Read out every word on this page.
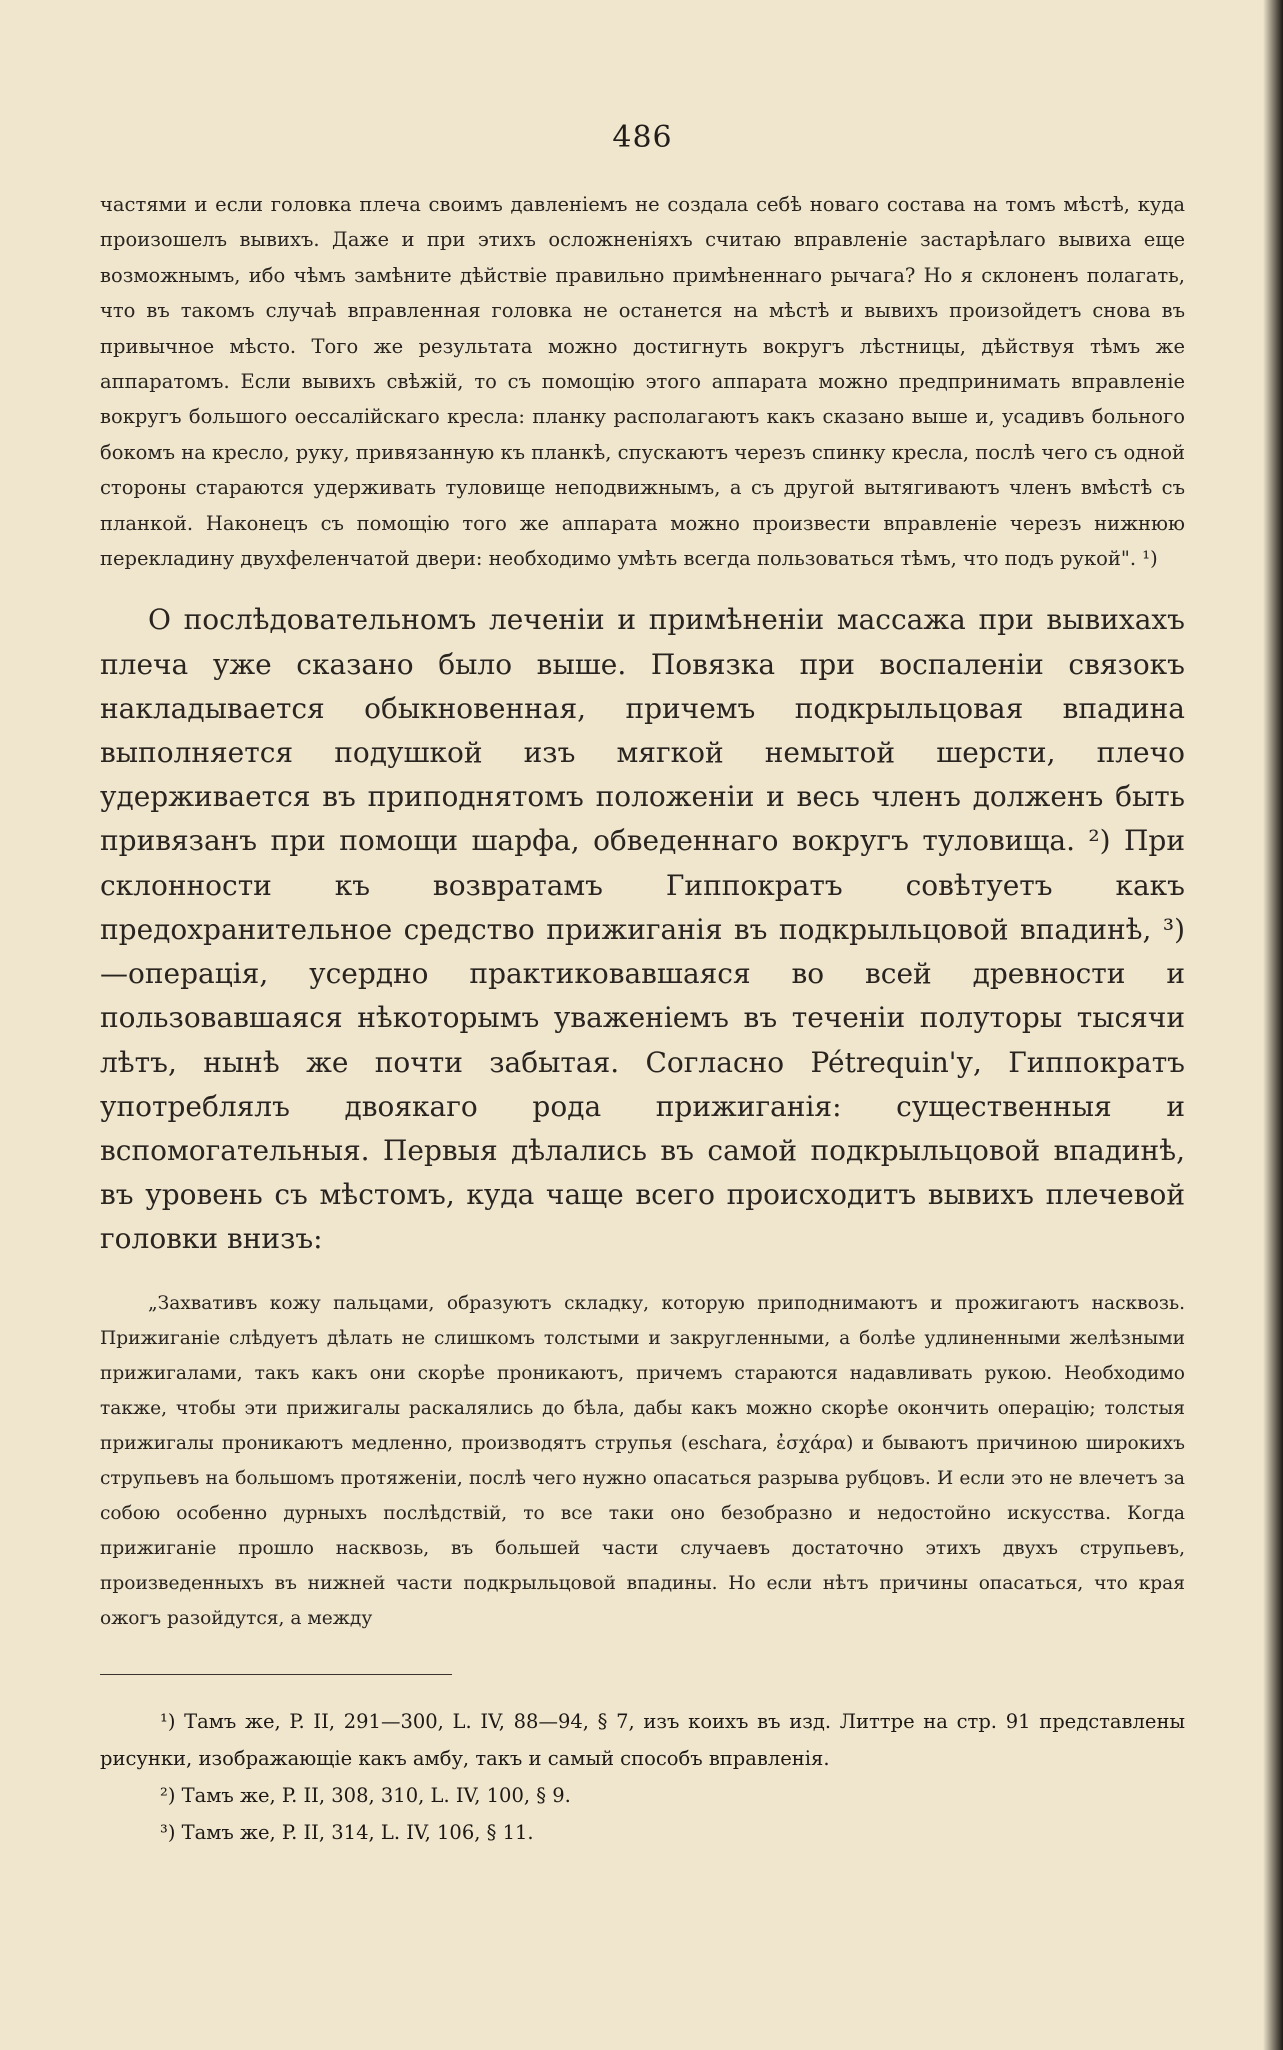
486

частями и если головка плеча своимъ давленіемъ не создала себѣ новаго состава на томъ мѣстѣ, куда произошелъ вывихъ. Даже и при этихъ осложненіяхъ считаю вправленіе застарѣлаго вывиха еще возможнымъ, ибо чѣмъ замѣните дѣйствіе правильно примѣненнаго рычага? Но я склоненъ полагать, что въ такомъ случаѣ вправленная головка не останется на мѣстѣ и вывихъ произойдетъ снова въ привычное мѣсто. Того же результата можно достигнуть вокругъ лѣстницы, дѣйствуя тѣмъ же аппаратомъ. Если вывихъ свѣжій, то съ помощію этого аппарата можно предпринимать вправленіе вокругъ большого оессалійскаго кресла: планку располагаютъ какъ сказано выше и, усадивъ больного бокомъ на кресло, руку, привязанную къ планкѣ, спускаютъ черезъ спинку кресла, послѣ чего съ одной стороны стараются удерживать туловище неподвижнымъ, а съ другой вытягиваютъ членъ вмѣстѣ съ планкой. Наконецъ съ помощію того же аппарата можно произвести вправленіе черезъ нижнюю перекладину двухфеленчатой двери: необходимо умѣть всегда пользоваться тѣмъ, что подъ рукой". ¹)

О послѣдовательномъ леченіи и примѣненіи массажа при вывихахъ плеча уже сказано было выше. Повязка при воспаленіи связокъ накладывается обыкновенная, причемъ подкрыльцовая впадина выполняется подушкой изъ мягкой немытой шерсти, плечо удерживается въ приподнятомъ положеніи и весь членъ долженъ быть привязанъ при помощи шарфа, обведеннаго вокругъ туловища. ²) При склонности къ возвратамъ Гиппократъ совѣтуетъ какъ предохранительное средство прижиганія въ подкрыльцовой впадинѣ, ³)—операція, усердно практиковавшаяся во всей древности и пользовавшаяся нѣкоторымъ уваженіемъ въ теченіи полуторы тысячи лѣтъ, нынѣ же почти забытая. Согласно Pétrequin'у, Гиппократъ употреблялъ двоякаго рода прижиганія: существенныя и вспомогательныя. Первыя дѣлались въ самой подкрыльцовой впадинѣ, въ уровень съ мѣстомъ, куда чаще всего происходитъ вывихъ плечевой головки внизъ:

„Захвативъ кожу пальцами, образуютъ складку, которую приподнимаютъ и прожигаютъ насквозь. Прижиганіе слѣдуетъ дѣлать не слишкомъ толстыми и закругленными, а болѣе удлиненными желѣзными прижигалами, такъ какъ они скорѣе проникаютъ, причемъ стараются надавливать рукою. Необходимо также, чтобы эти прижигалы раскалялись до бѣла, дабы какъ можно скорѣе окончить операцію; толстыя прижигалы проникаютъ медленно, производятъ струпья (eschara, ἐσχάρα) и бываютъ причиною широкихъ струпьевъ на большомъ протяженіи, послѣ чего нужно опасаться разрыва рубцовъ. И если это не влечетъ за собою особенно дурныхъ послѣдствій, то все таки оно безобразно и недостойно искусства. Когда прижиганіе прошло насквозь, въ большей части случаевъ достаточно этихъ двухъ струпьевъ, произведенныхъ въ нижней части подкрыльцовой впадины. Но если нѣтъ причины опасаться, что края ожогъ разойдутся, а между

¹) Тамъ же, P. II, 291—300, L. IV, 88—94, § 7, изъ коихъ въ изд. Литтре на стр. 91 представлены рисунки, изображающіе какъ амбу, такъ и самый способъ вправленія.

²) Тамъ же, P. II, 308, 310, L. IV, 100, § 9.

³) Тамъ же, P. II, 314, L. IV, 106, § 11.
